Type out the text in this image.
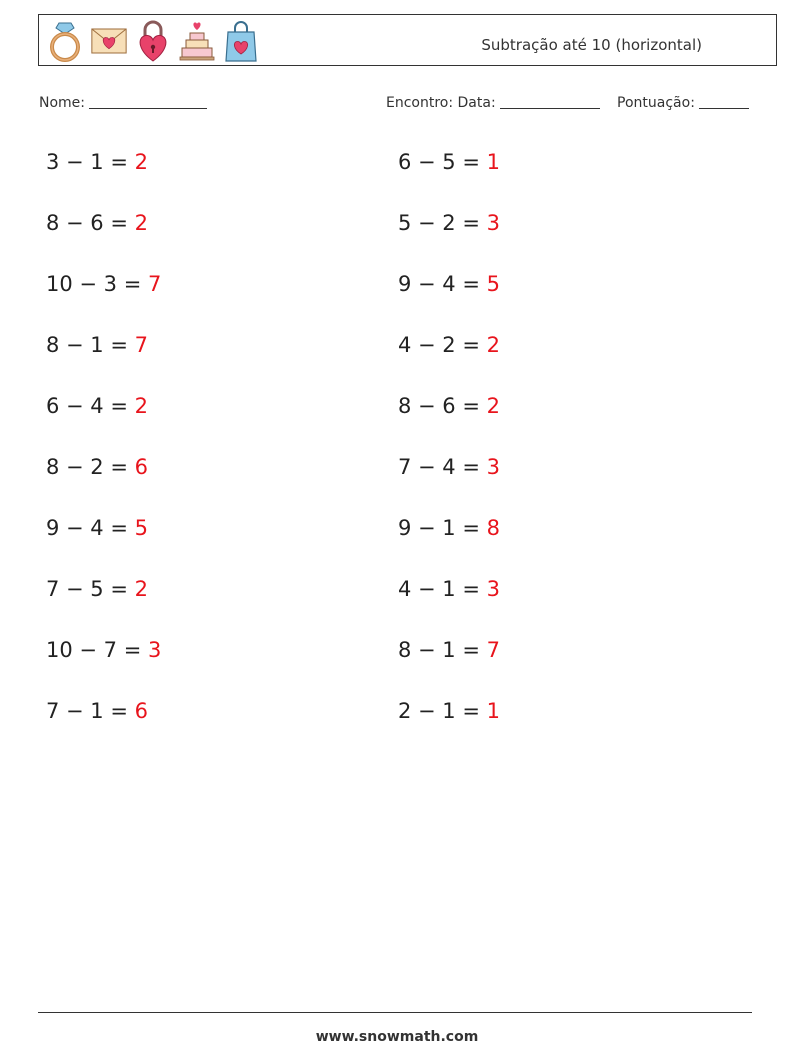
Subtração até 10 (horizontal)
Nome:	Encontro: Data:	Pontuação:
3 − 1 = 2
8 − 6 = 2
10 − 3 = 7
8 − 1 = 7
6 − 4 = 2
8 − 2 = 6
9 − 4 = 5
7 − 5 = 2
10 − 7 = 3
7 − 1 = 6
6 − 5 = 1
5 − 2 = 3
9 − 4 = 5
4 − 2 = 2
8 − 6 = 2
7 − 4 = 3
9 − 1 = 8
4 − 1 = 3
8 − 1 = 7
2 − 1 = 1
www.snowmath.com
